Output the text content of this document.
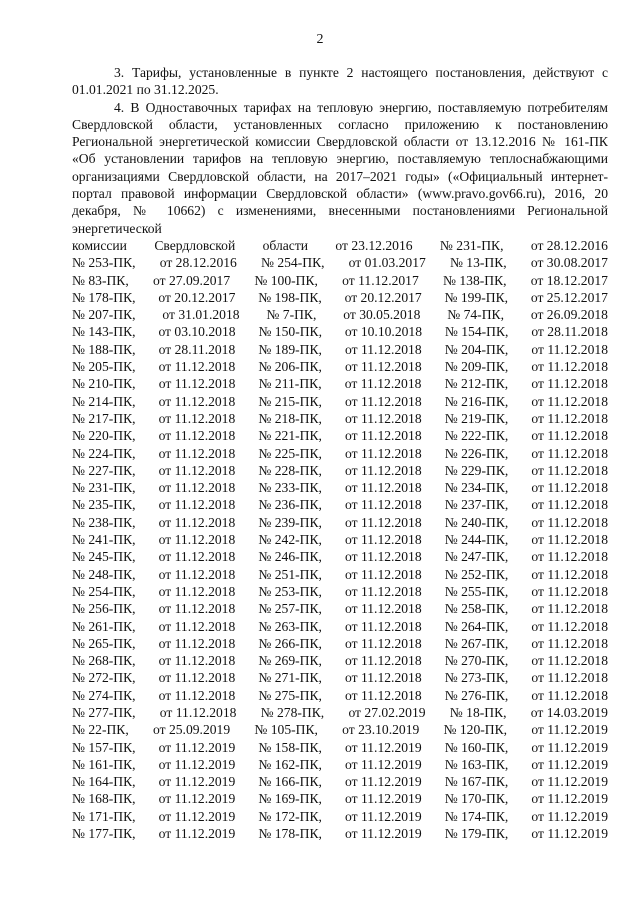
2

3. Тарифы, установленные в пункте 2 настоящего постановления, действуют с 01.01.2021 по 31.12.2025.

4. В Одноставочных тарифах на тепловую энергию, поставляемую потребителям Свердловской области, установленных согласно приложению к постановлению Региональной энергетической комиссии Свердловской области от 13.12.2016 № 161-ПК «Об установлении тарифов на тепловую энергию, поставляемую теплоснабжающими организациями Свердловской области, на 2017–2021 годы» («Официальный интернет-портал правовой информации Свердловской области» (www.pravo.gov66.ru), 2016, 20 декабря, № 10662) с изменениями, внесенными постановлениями Региональной энергетической

комиссии Свердловской области от 23.12.2016 № 231-ПК, от 28.12.2016
№ 253-ПК, от 28.12.2016 № 254-ПК, от 01.03.2017 № 13-ПК, от 30.08.2017
№ 83-ПК, от 27.09.2017 № 100-ПК, от 11.12.2017 № 138-ПК, от 18.12.2017
№ 178-ПК, от 20.12.2017 № 198-ПК, от 20.12.2017 № 199-ПК, от 25.12.2017
№ 207-ПК, от 31.01.2018 № 7-ПК, от 30.05.2018 № 74-ПК, от 26.09.2018
№ 143-ПК, от 03.10.2018 № 150-ПК, от 10.10.2018 № 154-ПК, от 28.11.2018
№ 188-ПК, от 28.11.2018 № 189-ПК, от 11.12.2018 № 204-ПК, от 11.12.2018
№ 205-ПК, от 11.12.2018 № 206-ПК, от 11.12.2018 № 209-ПК, от 11.12.2018
№ 210-ПК, от 11.12.2018 № 211-ПК, от 11.12.2018 № 212-ПК, от 11.12.2018
№ 214-ПК, от 11.12.2018 № 215-ПК, от 11.12.2018 № 216-ПК, от 11.12.2018
№ 217-ПК, от 11.12.2018 № 218-ПК, от 11.12.2018 № 219-ПК, от 11.12.2018
№ 220-ПК, от 11.12.2018 № 221-ПК, от 11.12.2018 № 222-ПК, от 11.12.2018
№ 224-ПК, от 11.12.2018 № 225-ПК, от 11.12.2018 № 226-ПК, от 11.12.2018
№ 227-ПК, от 11.12.2018 № 228-ПК, от 11.12.2018 № 229-ПК, от 11.12.2018
№ 231-ПК, от 11.12.2018 № 233-ПК, от 11.12.2018 № 234-ПК, от 11.12.2018
№ 235-ПК, от 11.12.2018 № 236-ПК, от 11.12.2018 № 237-ПК, от 11.12.2018
№ 238-ПК, от 11.12.2018 № 239-ПК, от 11.12.2018 № 240-ПК, от 11.12.2018
№ 241-ПК, от 11.12.2018 № 242-ПК, от 11.12.2018 № 244-ПК, от 11.12.2018
№ 245-ПК, от 11.12.2018 № 246-ПК, от 11.12.2018 № 247-ПК, от 11.12.2018
№ 248-ПК, от 11.12.2018 № 251-ПК, от 11.12.2018 № 252-ПК, от 11.12.2018
№ 254-ПК, от 11.12.2018 № 253-ПК, от 11.12.2018 № 255-ПК, от 11.12.2018
№ 256-ПК, от 11.12.2018 № 257-ПК, от 11.12.2018 № 258-ПК, от 11.12.2018
№ 261-ПК, от 11.12.2018 № 263-ПК, от 11.12.2018 № 264-ПК, от 11.12.2018
№ 265-ПК, от 11.12.2018 № 266-ПК, от 11.12.2018 № 267-ПК, от 11.12.2018
№ 268-ПК, от 11.12.2018 № 269-ПК, от 11.12.2018 № 270-ПК, от 11.12.2018
№ 272-ПК, от 11.12.2018 № 271-ПК, от 11.12.2018 № 273-ПК, от 11.12.2018
№ 274-ПК, от 11.12.2018 № 275-ПК, от 11.12.2018 № 276-ПК, от 11.12.2018
№ 277-ПК, от 11.12.2018 № 278-ПК, от 27.02.2019 № 18-ПК, от 14.03.2019
№ 22-ПК, от 25.09.2019 № 105-ПК, от 23.10.2019 № 120-ПК, от 11.12.2019
№ 157-ПК, от 11.12.2019 № 158-ПК, от 11.12.2019 № 160-ПК, от 11.12.2019
№ 161-ПК, от 11.12.2019 № 162-ПК, от 11.12.2019 № 163-ПК, от 11.12.2019
№ 164-ПК, от 11.12.2019 № 166-ПК, от 11.12.2019 № 167-ПК, от 11.12.2019
№ 168-ПК, от 11.12.2019 № 169-ПК, от 11.12.2019 № 170-ПК, от 11.12.2019
№ 171-ПК, от 11.12.2019 № 172-ПК, от 11.12.2019 № 174-ПК, от 11.12.2019
№ 177-ПК, от 11.12.2019 № 178-ПК, от 11.12.2019 № 179-ПК, от 11.12.2019
